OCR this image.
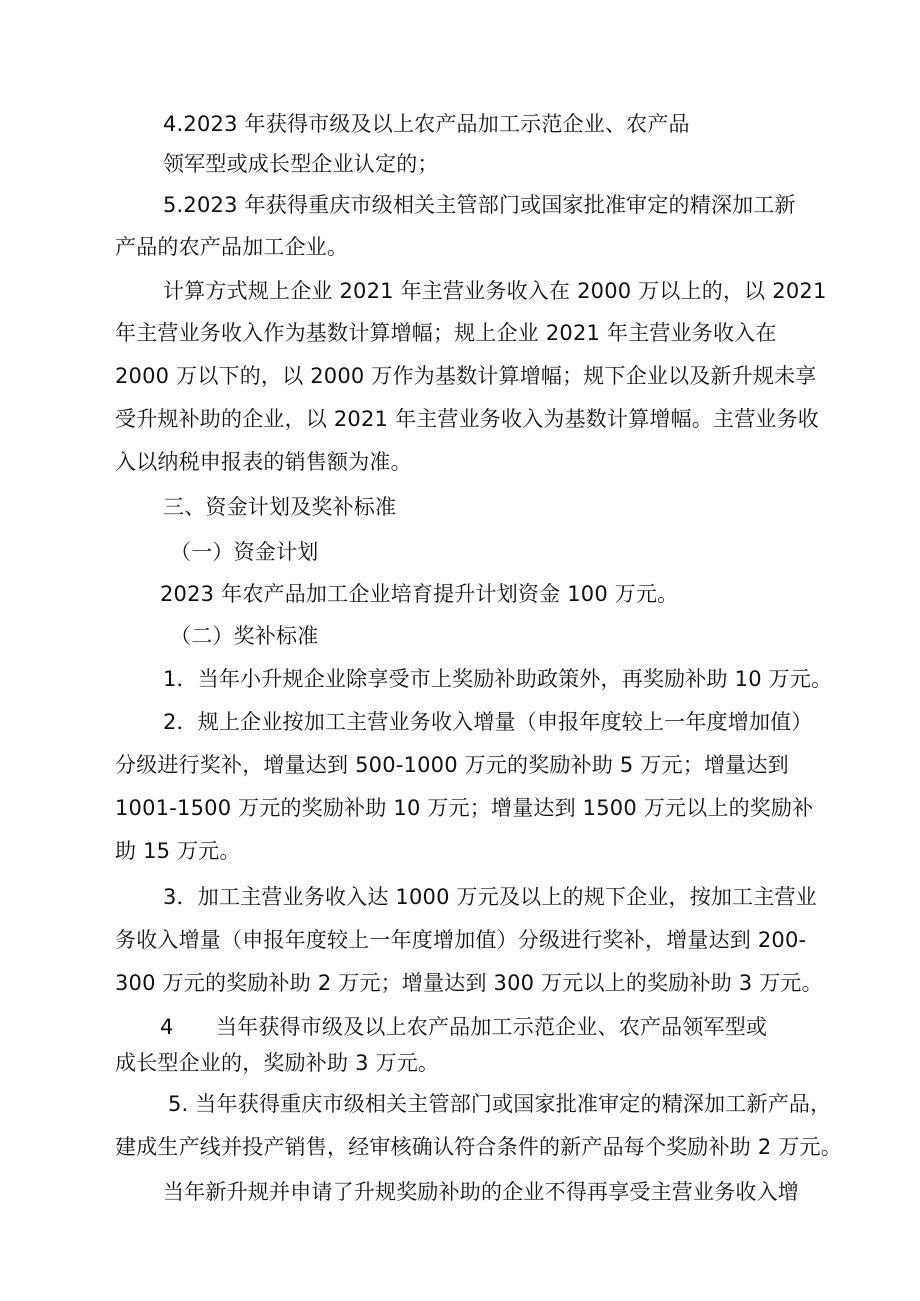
4.2023 年获得市级及以上农产品加工示范企业、农产品
领军型或成长型企业认定的；
5.2023 年获得重庆市级相关主管部门或国家批准审定的精深加工新
产品的农产品加工企业。
计算方式规上企业 2021 年主营业务收入在 2000 万以上的，以 2021
年主营业务收入作为基数计算增幅；规上企业 2021 年主营业务收入在
2000 万以下的，以 2000 万作为基数计算增幅；规下企业以及新升规未享
受升规补助的企业，以 2021 年主营业务收入为基数计算增幅。主营业务收
入以纳税申报表的销售额为准。
三、资金计划及奖补标准
（一）资金计划
2023 年农产品加工企业培育提升计划资金 100 万元。
（二）奖补标准
1．当年小升规企业除享受市上奖励补助政策外，再奖励补助 10 万元。
2．规上企业按加工主营业务收入增量（申报年度较上一年度增加值）
分级进行奖补，增量达到 500-1000 万元的奖励补助 5 万元；增量达到
1001-1500 万元的奖励补助 10 万元；增量达到 1500 万元以上的奖励补
助 15 万元。
3．加工主营业务收入达 1000 万元及以上的规下企业，按加工主营业
务收入增量（申报年度较上一年度增加值）分级进行奖补，增量达到 200-
300 万元的奖励补助 2 万元；增量达到 300 万元以上的奖励补助 3 万元。
4　　当年获得市级及以上农产品加工示范企业、农产品领军型或
成长型企业的，奖励补助 3 万元。
5. 当年获得重庆市级相关主管部门或国家批准审定的精深加工新产品，
建成生产线并投产销售，经审核确认符合条件的新产品每个奖励补助 2 万元。
当年新升规并申请了升规奖励补助的企业不得再享受主营业务收入增
